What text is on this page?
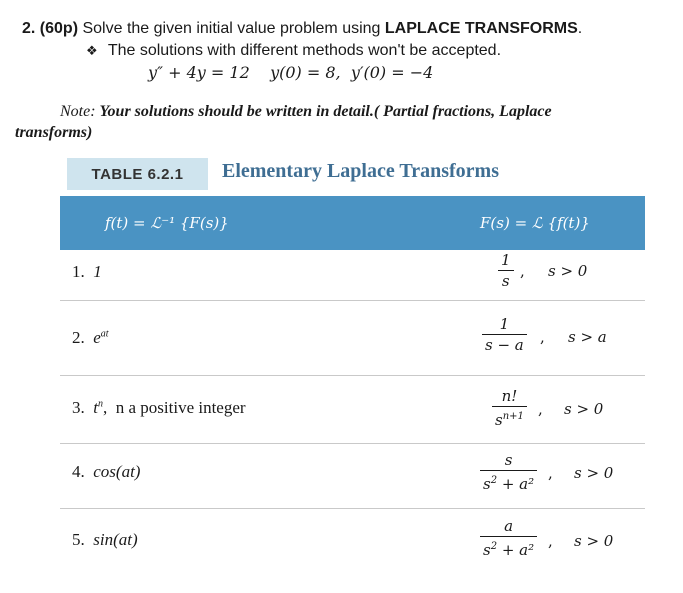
2. (60p) Solve the given initial value problem using LAPLACE TRANSFORMS.
❖ The solutions with different methods won't be accepted.
y″ + 4y = 12    y(0) = 8,  y′(0) = −4
Note: Your solutions should be written in detail.( Partial fractions, Laplace
transforms)
TABLE 6.2.1	Elementary Laplace Transforms
f(t) = ℒ⁻¹ {F(s)}	F(s) = ℒ {f(t)}
1. 1
1
s
, s > 0
2. $e^{at}$
1
s − a , s > a
3. $t^n$,  n a positive integer
n!
$s^{n+1}$ , s > 0
4. cos(at)
s
$s^2 + a^2$
, s > 0
5. sin(at)
a
$s^2 + a^2$ , s > 0
